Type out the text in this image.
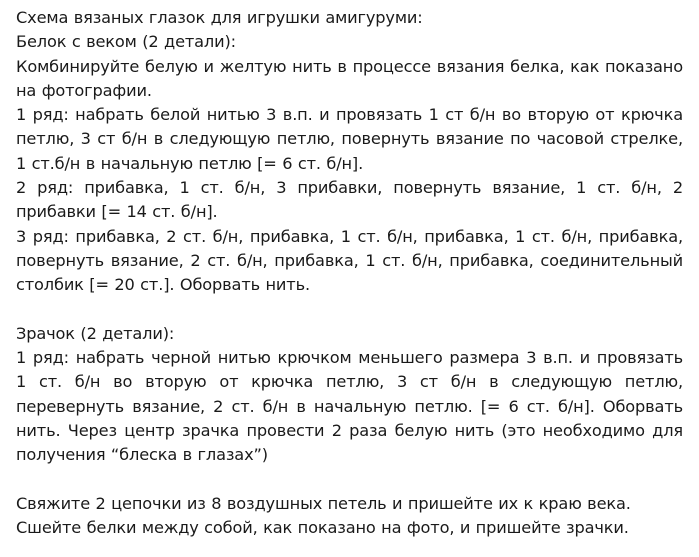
Схема вязаных глазок для игрушки амигуруми:

Белок с веком (2 детали):

Комбинируйте белую и желтую нить в процессе вязания белка, как показано на фотографии.

1 ряд: набрать белой нитью 3 в.п. и провязать 1 ст б/н во вторую от крючка петлю, 3 ст б/н в следующую петлю, повернуть вязание по часовой стрелке, 1 ст.б/н в начальную петлю [= 6 ст. б/н].

2 ряд: прибавка, 1 ст. б/н, 3 прибавки, повернуть вязание, 1 ст. б/н, 2 прибавки [= 14 ст. б/н].

3 ряд: прибавка, 2 ст. б/н, прибавка, 1 ст. б/н, прибавка, 1 ст. б/н, прибавка, повернуть вязание, 2 ст. б/н, прибавка, 1 ст. б/н, прибавка, соединительный столбик [= 20 ст.]. Оборвать нить.

Зрачок (2 детали):

1 ряд: набрать черной нитью крючком меньшего размера 3 в.п. и провязать 1 ст. б/н во вторую от крючка петлю, 3 ст б/н в следующую петлю, перевернуть вязание, 2 ст. б/н в начальную петлю. [= 6 ст. б/н]. Оборвать нить. Через центр зрачка провести 2 раза белую нить (это необходимо для получения “блеска в глазах”)

Свяжите 2 цепочки из 8 воздушных петель и пришейте их к краю века.

Сшейте белки между собой, как показано на фото, и пришейте зрачки.
